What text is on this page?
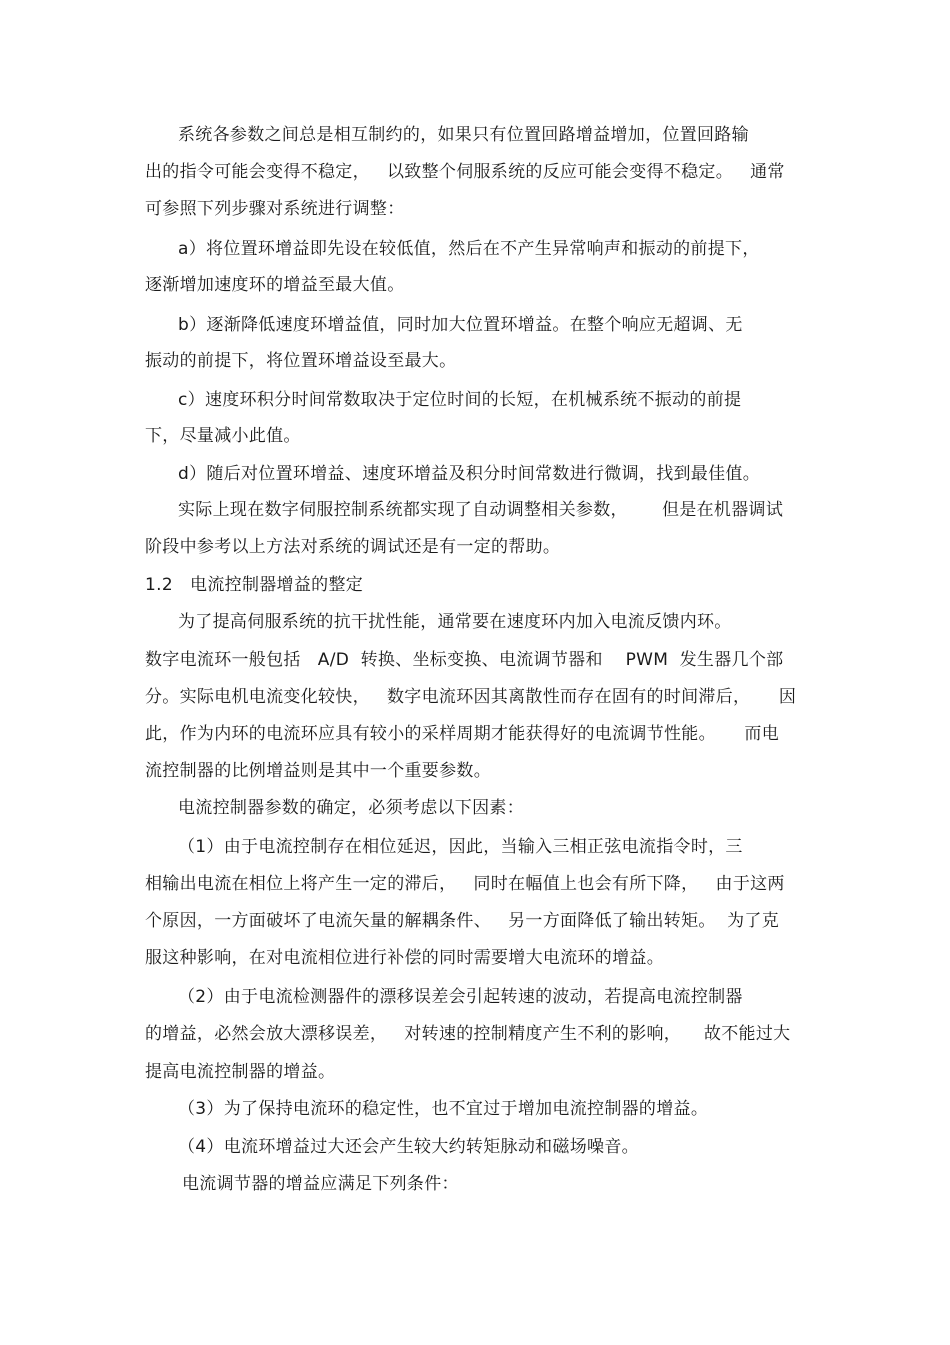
系统各参数之间总是相互制约的，如果只有位置回路增益增加，位置回路输
出的指令可能会变得不稳定，   以致整个伺服系统的反应可能会变得不稳定。   通常
可参照下列步骤对系统进行调整：
a）将位置环增益即先设在较低值，然后在不产生异常响声和振动的前提下，
逐渐增加速度环的增益至最大值。
b）逐渐降低速度环增益值，同时加大位置环增益。在整个响应无超调、无
振动的前提下，将位置环增益设至最大。
c）速度环积分时间常数取决于定位时间的长短，在机械系统不振动的前提
下，尽量减小此值。
d）随后对位置环增益、速度环增益及积分时间常数进行微调，找到最佳值。
实际上现在数字伺服控制系统都实现了自动调整相关参数，      但是在机器调试
阶段中参考以上方法对系统的调试还是有一定的帮助。
1.2   电流控制器增益的整定
为了提高伺服系统的抗干扰性能，通常要在速度环内加入电流反馈内环。
数字电流环一般包括   A/D  转换、坐标变换、电流调节器和    PWM  发生器几个部
分。实际电机电流变化较快，   数字电流环因其离散性而存在固有的时间滞后，     因
此，作为内环的电流环应具有较小的采样周期才能获得好的电流调节性能。     而电
流控制器的比例增益则是其中一个重要参数。
电流控制器参数的确定，必须考虑以下因素：
（1）由于电流控制存在相位延迟，因此，当输入三相正弦电流指令时，三
相输出电流在相位上将产生一定的滞后，   同时在幅值上也会有所下降，   由于这两
个原因，一方面破坏了电流矢量的解耦条件、   另一方面降低了输出转矩。  为了克
服这种影响，在对电流相位进行补偿的同时需要增大电流环的增益。
（2）由于电流检测器件的漂移误差会引起转速的波动，若提高电流控制器
的增益，必然会放大漂移误差，   对转速的控制精度产生不利的影响，    故不能过大
提高电流控制器的增益。
（3）为了保持电流环的稳定性，也不宜过于增加电流控制器的增益。
（4）电流环增益过大还会产生较大约转矩脉动和磁场噪音。
电流调节器的增益应满足下列条件：
